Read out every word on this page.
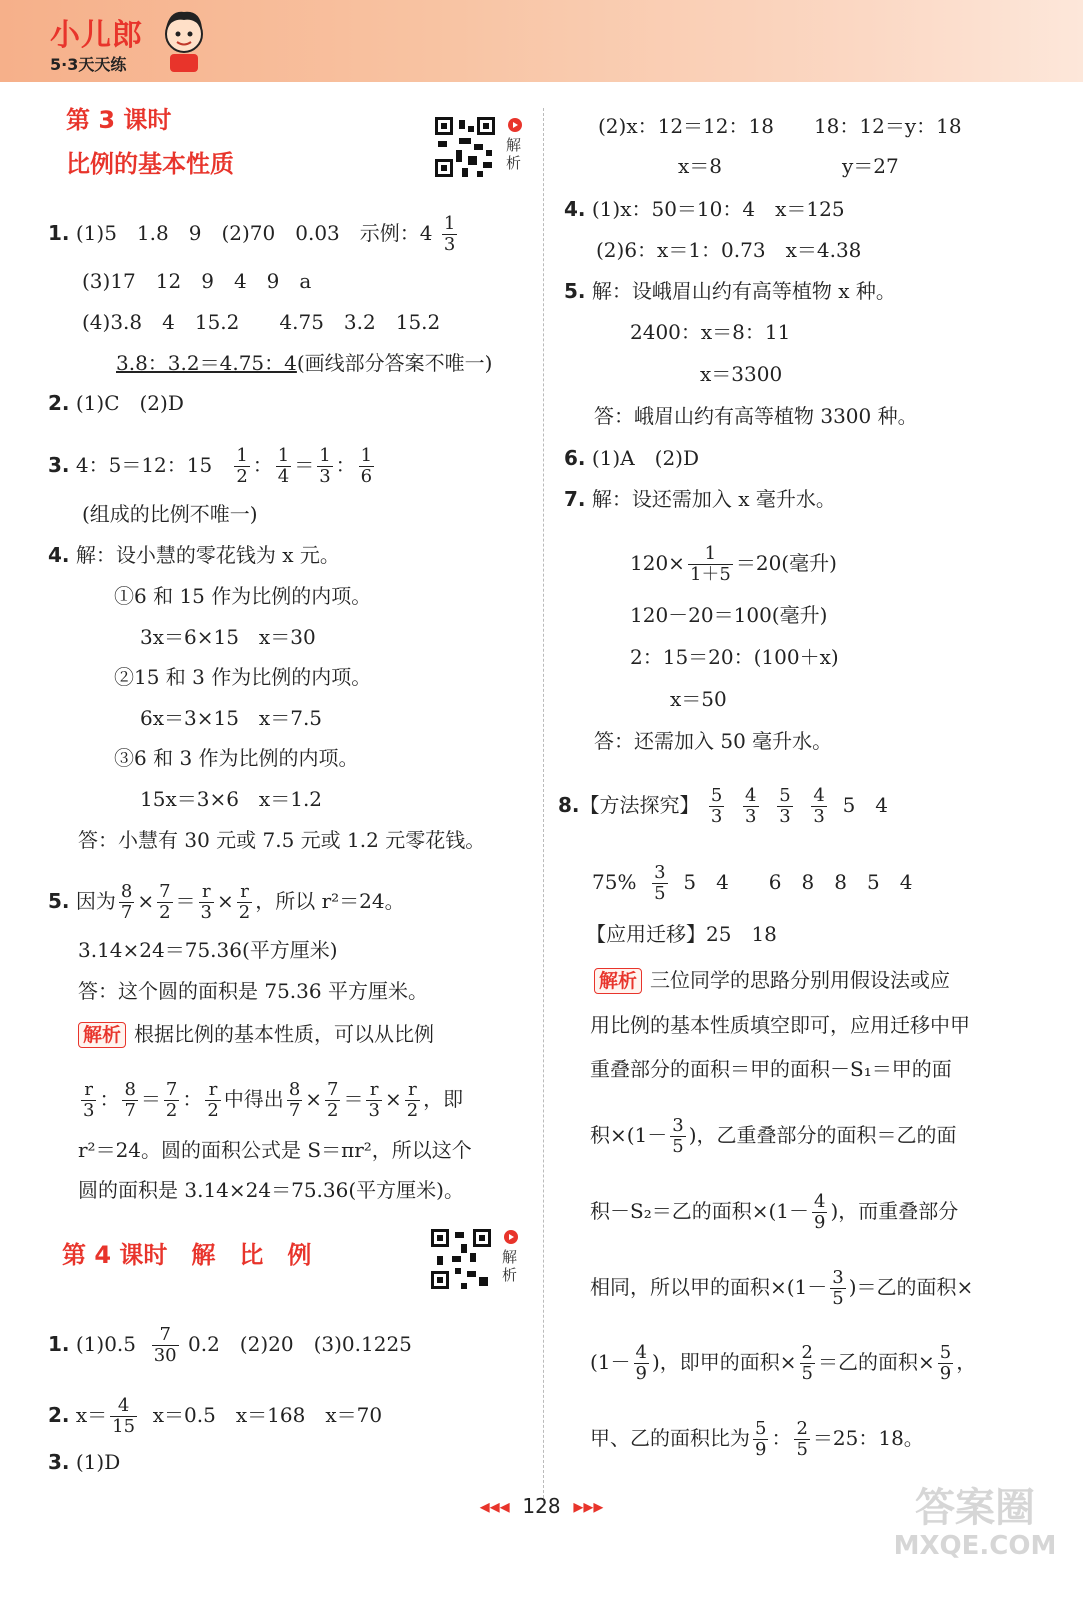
小儿郎
5·3天天练
第 3 课时
比例的基本性质
解析
1. (1)5　1.8　9　(2)70　0.03　示例：$4 \frac{1}{3}$
(3)17　12　9　4　9　a
(4)3.8　4　15.2　　4.75　3.2　15.2
3.8：3.2＝4.75：4(画线部分答案不唯一)
2. (1)C　(2)D
3. 4：5＝12：$15 \frac{1}{2}$ ： $\frac{1}{4} = \frac{1}{3}$ ： $\frac{1}{6}$
(组成的比例不唯一)
4. 解：设小慧的零花钱为 x 元。
①6 和 15 作为比例的内项。
3x＝6×15　x＝30
②15 和 3 作为比例的内项。
6x＝3×15　x＝7.5
③6 和 3 作为比例的内项。
15x＝3×6　x＝1.2
答：小慧有 30 元或 7.5 元或 1.2 元零花钱。
5. 因为 $\frac{8}{7} \times \frac{7}{2} = \frac{r}{3} \times \frac{r}{2}$ ，所以 r²＝24。
3.14×24＝75.36(平方厘米)
答：这个圆的面积是 75.36 平方厘米。
解析 根据比例的基本性质，可以从比例
$\frac{r}{3}$ ： $\frac{8}{7} = \frac{7}{2}$ ： $\frac{r}{2}$ 中得出 $\frac{8}{7} \times \frac{7}{2} = \frac{r}{3} \times \frac{r}{2}$ ，即
r²＝24。圆的面积公式是 S＝πr²，所以这个
圆的面积是 3.14×24＝75.36(平方厘米)。
第 4 课时　解　比　例	解析
1. $(1)0.5 \frac{7}{30} 0.2$　(2)20　(3)0.1225
2. $x= \frac{4}{15} x=0.5$　x＝168　x＝70
3. (1)D
(2)x：12＝12：18　　18：12＝y：18
x＝8　　　　　　y＝27
4. (1)x：50＝10：4　x＝125
(2)6：x＝1：0.73　x＝4.38
5. 解：设峨眉山约有高等植物 x 种。
2400：x＝8：11
x＝3300
答：峨眉山约有高等植物 3300 种。
6. (1)A　(2)D
7. 解：设还需加入 x 毫升水。
$120\times \frac{1}{1+5} =20$(毫升)
120－20＝100(毫升)
2：15＝20：(100＋x)
x＝50
答：还需加入 50 毫升水。
8.【方法探究】 $\frac{5}{3}$
$\frac{4}{3}$
$\frac{5}{3}$
$\frac{4}{3} 5$　4
$75\% \frac{3}{5} 5$　4　　6　8　8　5　4
【应用迁移】25　18
解析 三位同学的思路分别用假设法或应
用比例的基本性质填空即可，应用迁移中甲
重叠部分的面积＝甲的面积－S₁＝甲的面
积$\times(1- \frac{3}{5}$ )，乙重叠部分的面积＝乙的面
积－S₂＝乙的面积$\times(1- \frac{4}{9}$ )，而重叠部分
相同，所以甲的面积$\times(1- \frac{3}{5}$ )＝乙的面积×
($1- \frac{4}{9}$ )，即甲的面积× $\frac{2}{5}$ ＝乙的面积× $\frac{5}{9}$ ，
甲、乙的面积比为 $\frac{5}{9}$ ： $\frac{2}{5} =25$：18。
◂◂◂ 128 ▸▸▸	答案圈
MXQE.COM
